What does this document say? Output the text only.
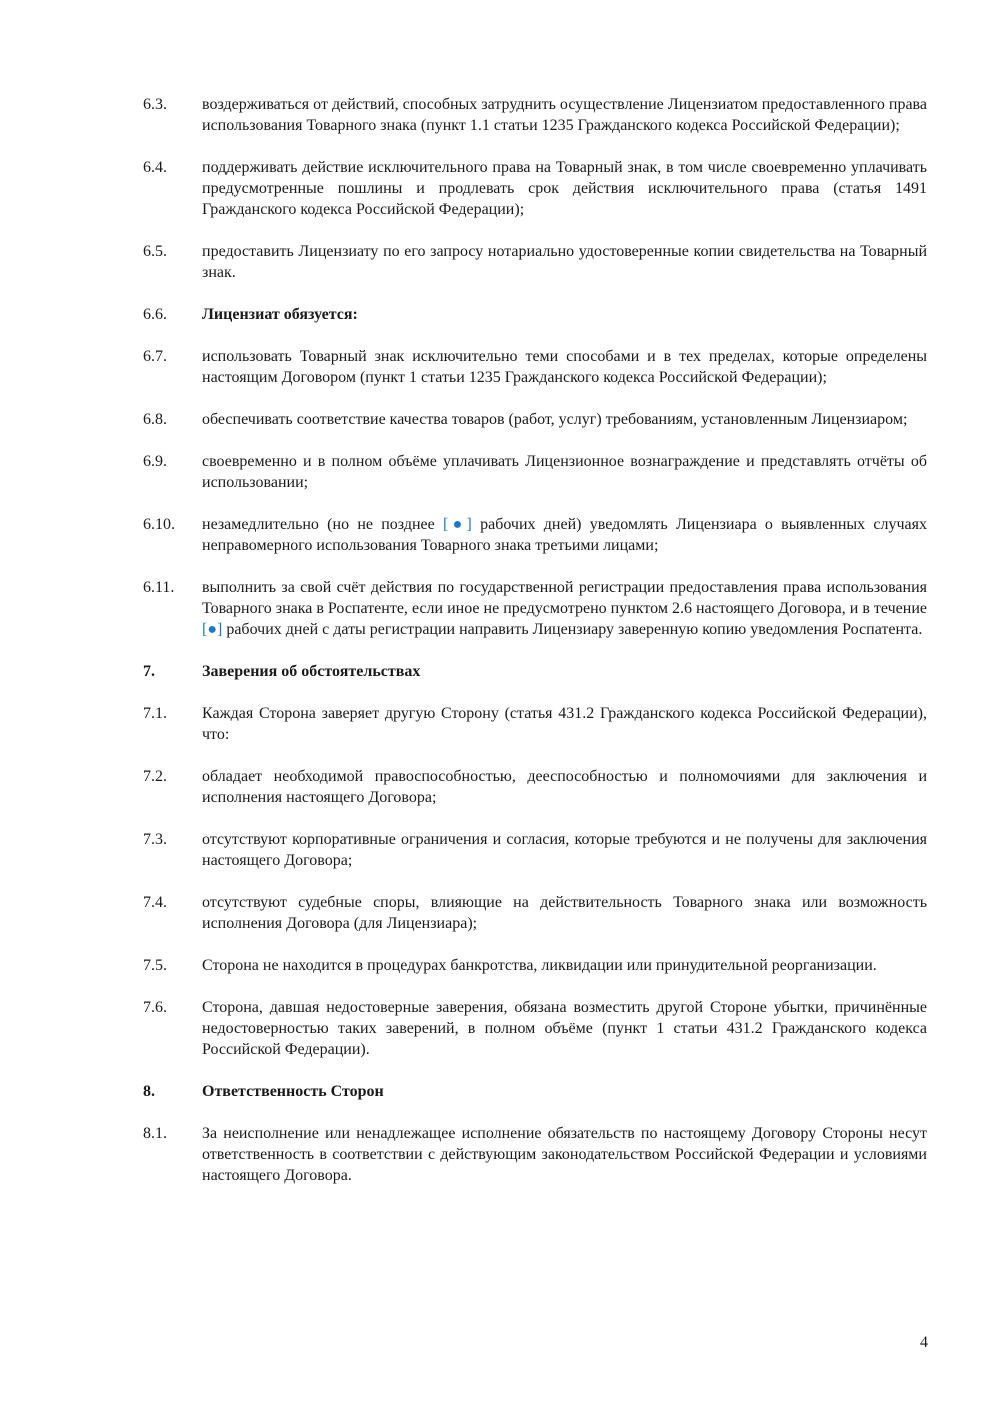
6.3.	воздерживаться от действий, способных затруднить осуществление Лицензиатом предоставленного права использования Товарного знака (пункт 1.1 статьи 1235 Гражданского кодекса Российской Федерации);
6.4.	поддерживать действие исключительного права на Товарный знак, в том числе своевременно уплачивать предусмотренные пошлины и продлевать срок действия исключительного права (статья 1491 Гражданского кодекса Российской Федерации);
6.5.	предоставить Лицензиату по его запросу нотариально удостоверенные копии свидетельства на Товарный знак.
6.6.	Лицензиат обязуется:
6.7.	использовать Товарный знак исключительно теми способами и в тех пределах, которые определены настоящим Договором (пункт 1 статьи 1235 Гражданского кодекса Российской Федерации);
6.8.	обеспечивать соответствие качества товаров (работ, услуг) требованиям, установленным Лицензиаром;
6.9.	своевременно и в полном объёме уплачивать Лицензионное вознаграждение и представлять отчёты об использовании;
6.10.	незамедлительно (но не позднее [●] рабочих дней) уведомлять Лицензиара о выявленных случаях неправомерного использования Товарного знака третьими лицами;
6.11.	выполнить за свой счёт действия по государственной регистрации предоставления права использования Товарного знака в Роспатенте, если иное не предусмотрено пунктом 2.6 настоящего Договора, и в течение [●] рабочих дней с даты регистрации направить Лицензиару заверенную копию уведомления Роспатента.
7.	Заверения об обстоятельствах
7.1.	Каждая Сторона заверяет другую Сторону (статья 431.2 Гражданского кодекса Российской Федерации), что:
7.2.	обладает необходимой правоспособностью, дееспособностью и полномочиями для заключения и исполнения настоящего Договора;
7.3.	отсутствуют корпоративные ограничения и согласия, которые требуются и не получены для заключения настоящего Договора;
7.4.	отсутствуют судебные споры, влияющие на действительность Товарного знака или возможность исполнения Договора (для Лицензиара);
7.5.	Сторона не находится в процедурах банкротства, ликвидации или принудительной реорганизации.
7.6.	Сторона, давшая недостоверные заверения, обязана возместить другой Стороне убытки, причинённые недостоверностью таких заверений, в полном объёме (пункт 1 статьи 431.2 Гражданского кодекса Российской Федерации).
8.	Ответственность Сторон
8.1.	За неисполнение или ненадлежащее исполнение обязательств по настоящему Договору Стороны несут ответственность в соответствии с действующим законодательством Российской Федерации и условиями настоящего Договора.
4
